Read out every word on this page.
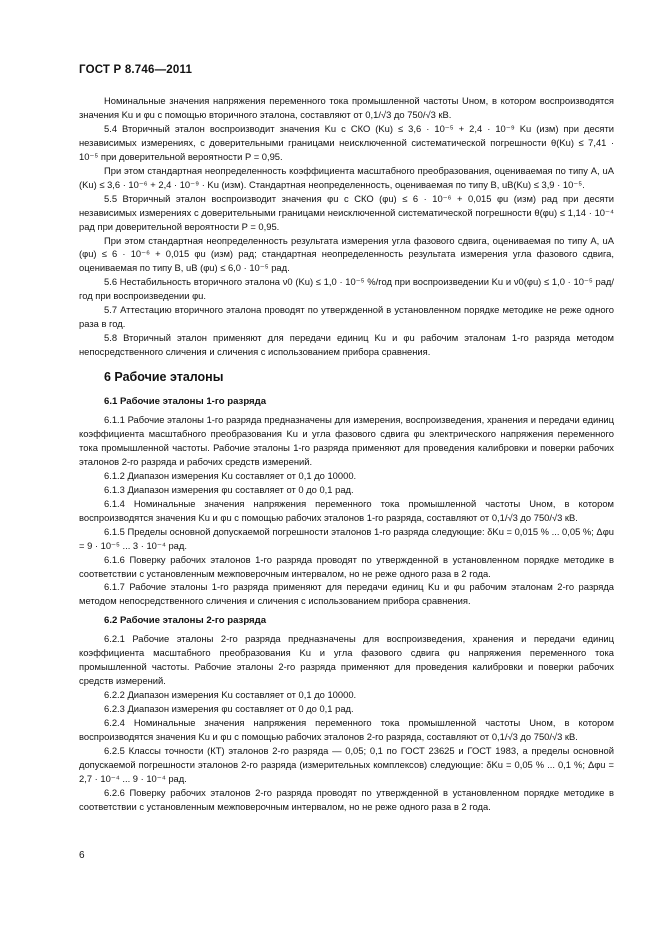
ГОСТ Р 8.746—2011

Номинальные значения напряжения переменного тока промышленной частоты Uном, в котором воспроизводятся значения Ku и φu с помощью вторичного эталона, составляют от 0,1/√3 до 750/√3 кВ.

5.4 Вторичный эталон воспроизводит значения Ku с СКО (Ku) ≤ 3,6 · 10⁻⁵ + 2,4 · 10⁻⁹ Ku (изм) при десяти независимых измерениях, с доверительными границами неисключенной систематической погрешности θ(Ku) ≤ 7,41 · 10⁻⁵ при доверительной вероятности P = 0,95.

При этом стандартная неопределенность коэффициента масштабного преобразования, оцениваемая по типу А, uA (Ku) ≤ 3,6 · 10⁻⁶ + 2,4 · 10⁻⁹ · Ku (изм). Стандартная неопределенность, оцениваемая по типу В, uB(Ku) ≤ 3,9 · 10⁻⁵.

5.5 Вторичный эталон воспроизводит значения φu с СКО (φu) ≤ 6 · 10⁻⁶ + 0,015 φu (изм) рад при десяти независимых измерениях с доверительными границами неисключенной систематической погрешности θ(φu) ≤ 1,14 · 10⁻⁴ рад при доверительной вероятности P = 0,95.

При этом стандартная неопределенность результата измерения угла фазового сдвига, оцениваемая по типу А, uA (φu) ≤ 6 · 10⁻⁶ + 0,015 φu (изм) рад; стандартная неопределенность результата измерения угла фазового сдвига, оцениваемая по типу В, uB (φu) ≤ 6,0 · 10⁻⁵ рад.

5.6 Нестабильность вторичного эталона ν0 (Ku) ≤ 1,0 · 10⁻⁵ %/год при воспроизведении Ku и ν0(φu) ≤ 1,0 · 10⁻⁵ рад/год при воспроизведении φu.

5.7 Аттестацию вторичного эталона проводят по утвержденной в установленном порядке методике не реже одного раза в год.

5.8 Вторичный эталон применяют для передачи единиц Ku и φu рабочим эталонам 1-го разряда методом непосредственного сличения и сличения с использованием прибора сравнения.

6 Рабочие эталоны
6.1 Рабочие эталоны 1-го разряда

6.1.1 Рабочие эталоны 1-го разряда предназначены для измерения, воспроизведения, хранения и передачи единиц коэффициента масштабного преобразования Ku и угла фазового сдвига φu электрического напряжения переменного тока промышленной частоты. Рабочие эталоны 1-го разряда применяют для проведения калибровки и поверки рабочих эталонов 2-го разряда и рабочих средств измерений.

6.1.2 Диапазон измерения Ku составляет от 0,1 до 10000.

6.1.3 Диапазон измерения φu составляет от 0 до 0,1 рад.

6.1.4 Номинальные значения напряжения переменного тока промышленной частоты Uном, в котором воспроизводятся значения Ku и φu с помощью рабочих эталонов 1-го разряда, составляют от 0,1/√3 до 750/√3 кВ.

6.1.5 Пределы основной допускаемой погрешности эталонов 1-го разряда следующие: δKu = 0,015 % ... 0,05 %; Δφu = 9 · 10⁻⁵ ... 3 · 10⁻⁴ рад.

6.1.6 Поверку рабочих эталонов 1-го разряда проводят по утвержденной в установленном порядке методике в соответствии с установленным межповерочным интервалом, но не реже одного раза в 2 года.

6.1.7 Рабочие эталоны 1-го разряда применяют для передачи единиц Ku и φu рабочим эталонам 2-го разряда методом непосредственного сличения и сличения с использованием прибора сравнения.

6.2 Рабочие эталоны 2-го разряда

6.2.1 Рабочие эталоны 2-го разряда предназначены для воспроизведения, хранения и передачи единиц коэффициента масштабного преобразования Ku и угла фазового сдвига φu напряжения переменного тока промышленной частоты. Рабочие эталоны 2-го разряда применяют для проведения калибровки и поверки рабочих средств измерений.

6.2.2 Диапазон измерения Ku составляет от 0,1 до 10000.

6.2.3 Диапазон измерения φu составляет от 0 до 0,1 рад.

6.2.4 Номинальные значения напряжения переменного тока промышленной частоты Uном, в котором воспроизводятся значения Ku и φu с помощью рабочих эталонов 2-го разряда, составляют от 0,1/√3 до 750/√3 кВ.

6.2.5 Классы точности (КТ) эталонов 2-го разряда — 0,05; 0,1 по ГОСТ 23625 и ГОСТ 1983, а пределы основной допускаемой погрешности эталонов 2-го разряда (измерительных комплексов) следующие: δKu = 0,05 % ... 0,1 %; Δφu = 2,7 · 10⁻⁴ ... 9 · 10⁻⁴ рад.

6.2.6 Поверку рабочих эталонов 2-го разряда проводят по утвержденной в установленном порядке методике в соответствии с установленным межповерочным интервалом, но не реже одного раза в 2 года.

6
